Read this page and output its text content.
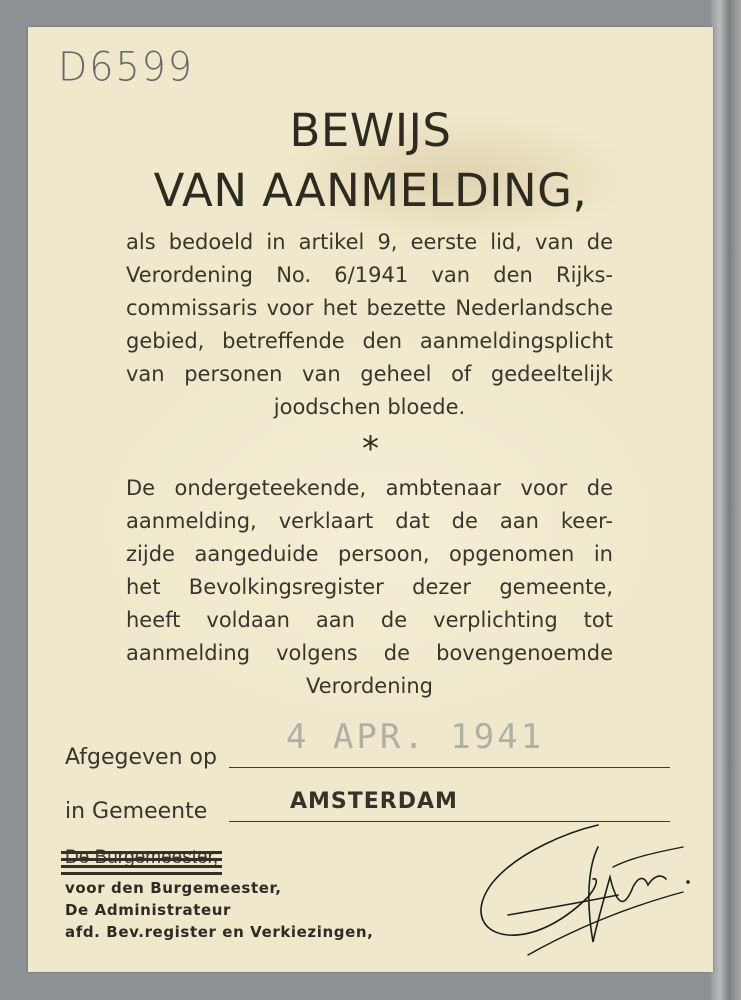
D6599
BEWIJS
VAN AANMELDING,
als bedoeld in artikel 9, eerste lid, van de
Verordening No. 6/1941 van den Rijks-
commissaris voor het bezette Nederlandsche
gebied, betreffende den aanmeldingsplicht
van personen van geheel of gedeeltelijk
joodschen bloede.
*
De ondergeteekende, ambtenaar voor de
aanmelding, verklaart dat de aan keer-
zijde aangeduide persoon, opgenomen in
het Bevolkingsregister dezer gemeente,
heeft voldaan aan de verplichting tot
aanmelding volgens de bovengenoemde
Verordening
4 APR. 1941
Afgegeven op
AMSTERDAM
in Gemeente
voor den Burgemeester,
De Administrateur
afd. Bev.register en Verkiezingen,
